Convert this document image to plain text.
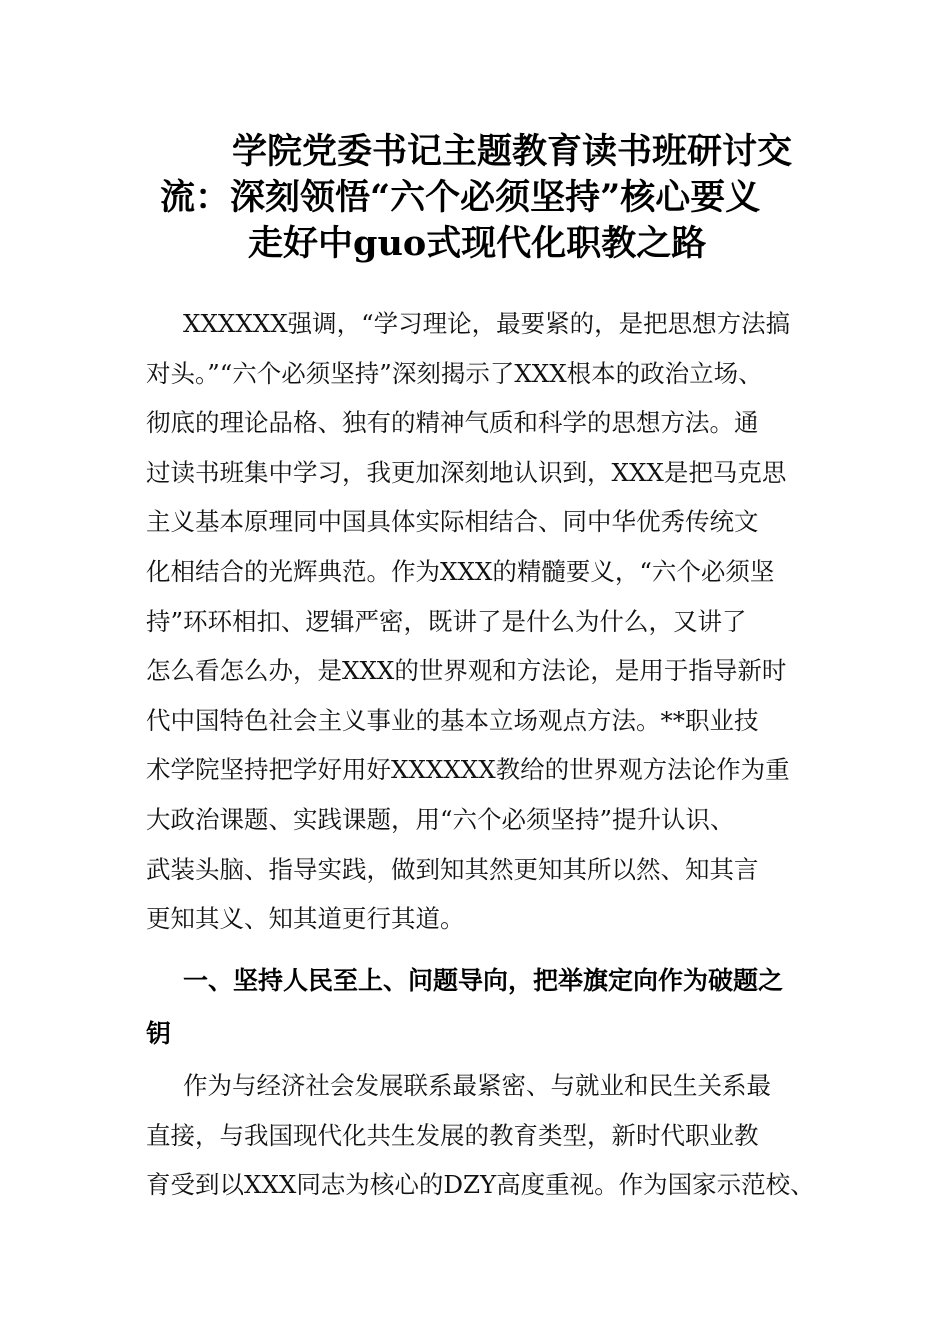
学院党委书记主题教育读书班研讨交
流：深刻领悟“六个必须坚持”核心要义
走好中guo式现代化职教之路
XXXXXX强调，“学习理论，最要紧的，是把思想方法搞
对头。”“六个必须坚持”深刻揭示了XXX根本的政治立场、
彻底的理论品格、独有的精神气质和科学的思想方法。通
过读书班集中学习，我更加深刻地认识到，XXX是把马克思
主义基本原理同中国具体实际相结合、同中华优秀传统文
化相结合的光辉典范。作为XXX的精髓要义，“六个必须坚
持”环环相扣、逻辑严密，既讲了是什么为什么，又讲了
怎么看怎么办，是XXX的世界观和方法论，是用于指导新时
代中国特色社会主义事业的基本立场观点方法。**职业技
术学院坚持把学好用好XXXXXX教给的世界观方法论作为重
大政治课题、实践课题，用“六个必须坚持”提升认识、
武装头脑、指导实践，做到知其然更知其所以然、知其言
更知其义、知其道更行其道。
一、坚持人民至上、问题导向，把举旗定向作为破题之
钥
作为与经济社会发展联系最紧密、与就业和民生关系最
直接，与我国现代化共生发展的教育类型，新时代职业教
育受到以XXX同志为核心的DZY高度重视。作为国家示范校、
